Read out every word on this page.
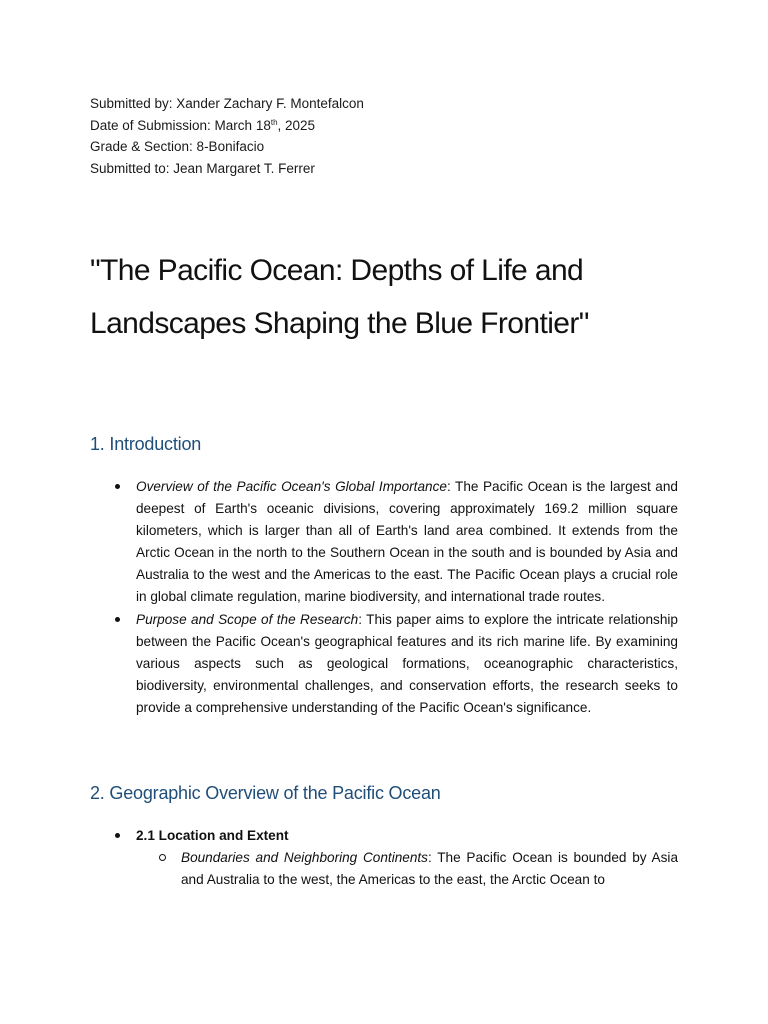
Submitted by: Xander Zachary F. Montefalcon
Date of Submission: March 18th, 2025
Grade & Section: 8-Bonifacio
Submitted to: Jean Margaret T. Ferrer
"The Pacific Ocean: Depths of Life and Landscapes Shaping the Blue Frontier"
1. Introduction
Overview of the Pacific Ocean's Global Importance: The Pacific Ocean is the largest and deepest of Earth's oceanic divisions, covering approximately 169.2 million square kilometers, which is larger than all of Earth's land area combined. It extends from the Arctic Ocean in the north to the Southern Ocean in the south and is bounded by Asia and Australia to the west and the Americas to the east. The Pacific Ocean plays a crucial role in global climate regulation, marine biodiversity, and international trade routes.
Purpose and Scope of the Research: This paper aims to explore the intricate relationship between the Pacific Ocean's geographical features and its rich marine life. By examining various aspects such as geological formations, oceanographic characteristics, biodiversity, environmental challenges, and conservation efforts, the research seeks to provide a comprehensive understanding of the Pacific Ocean's significance.
2. Geographic Overview of the Pacific Ocean
2.1 Location and Extent
Boundaries and Neighboring Continents: The Pacific Ocean is bounded by Asia and Australia to the west, the Americas to the east, the Arctic Ocean to
